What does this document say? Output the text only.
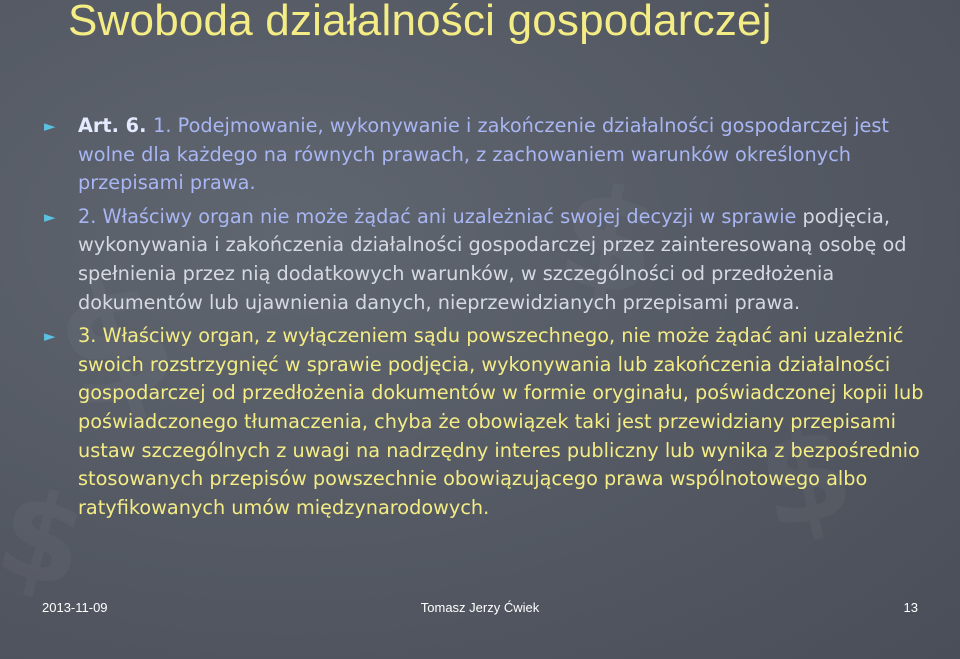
Swoboda działalności gospodarczej
► Art. 6. 1. Podejmowanie, wykonywanie i zakończenie działalności gospodarczej jest wolne dla każdego na równych prawach, z zachowaniem warunków określonych przepisami prawa.
► 2. Właściwy organ nie może żądać ani uzależniać swojej decyzji w sprawie podjęcia, wykonywania i zakończenia działalności gospodarczej przez zainteresowaną osobę od spełnienia przez nią dodatkowych warunków, w szczególności od przedłożenia dokumentów lub ujawnienia danych, nieprzewidzianych przepisami prawa.
► 3. Właściwy organ, z wyłączeniem sądu powszechnego, nie może żądać ani uzależnić swoich rozstrzygnięć w sprawie podjęcia, wykonywania lub zakończenia działalności gospodarczej od przedłożenia dokumentów w formie oryginału, poświadczonej kopii lub poświadczonego tłumaczenia, chyba że obowiązek taki jest przewidziany przepisami ustaw szczególnych z uwagi na nadrzędny interes publiczny lub wynika z bezpośrednio stosowanych przepisów powszechnie obowiązującego prawa wspólnotowego albo ratyfikowanych umów międzynarodowych.
2013-11-09	Tomasz Jerzy Ćwiek	13
